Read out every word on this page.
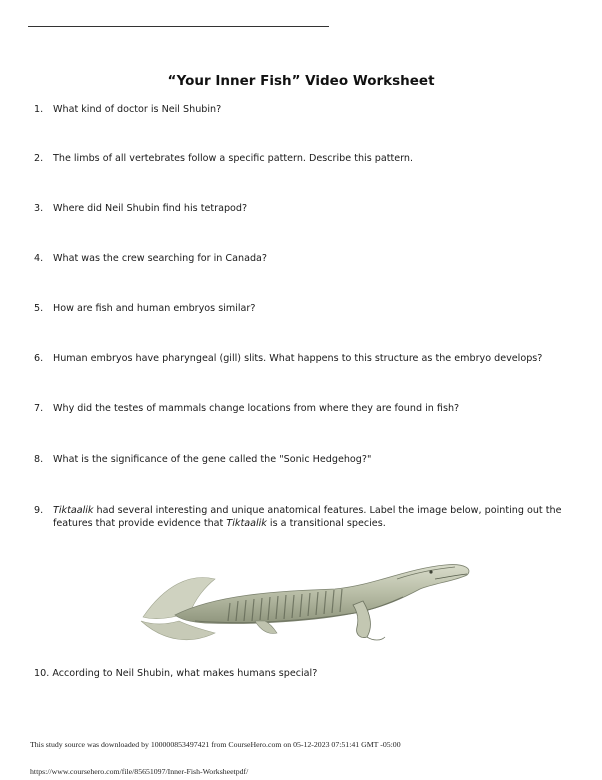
“Your Inner Fish” Video Worksheet
1. What kind of doctor is Neil Shubin?
2. The limbs of all vertebrates follow a specific pattern. Describe this pattern.
3. Where did Neil Shubin find his tetrapod?
4. What was the crew searching for in Canada?
5. How are fish and human embryos similar?
6. Human embryos have pharyngeal (gill) slits. What happens to this structure as the embryo develops?
7. Why did the testes of mammals change locations from where they are found in fish?
8. What is the significance of the gene called the "Sonic Hedgehog?"
9. Tiktaalik had several interesting and unique anatomical features. Label the image below, pointing out the features that provide evidence that Tiktaalik is a transitional species.
10. According to Neil Shubin, what makes humans special?
This study source was downloaded by 100000853497421 from CourseHero.com on 05-12-2023 07:51:41 GMT -05:00
https://www.coursehero.com/file/85651097/Inner-Fish-Worksheetpdf/
